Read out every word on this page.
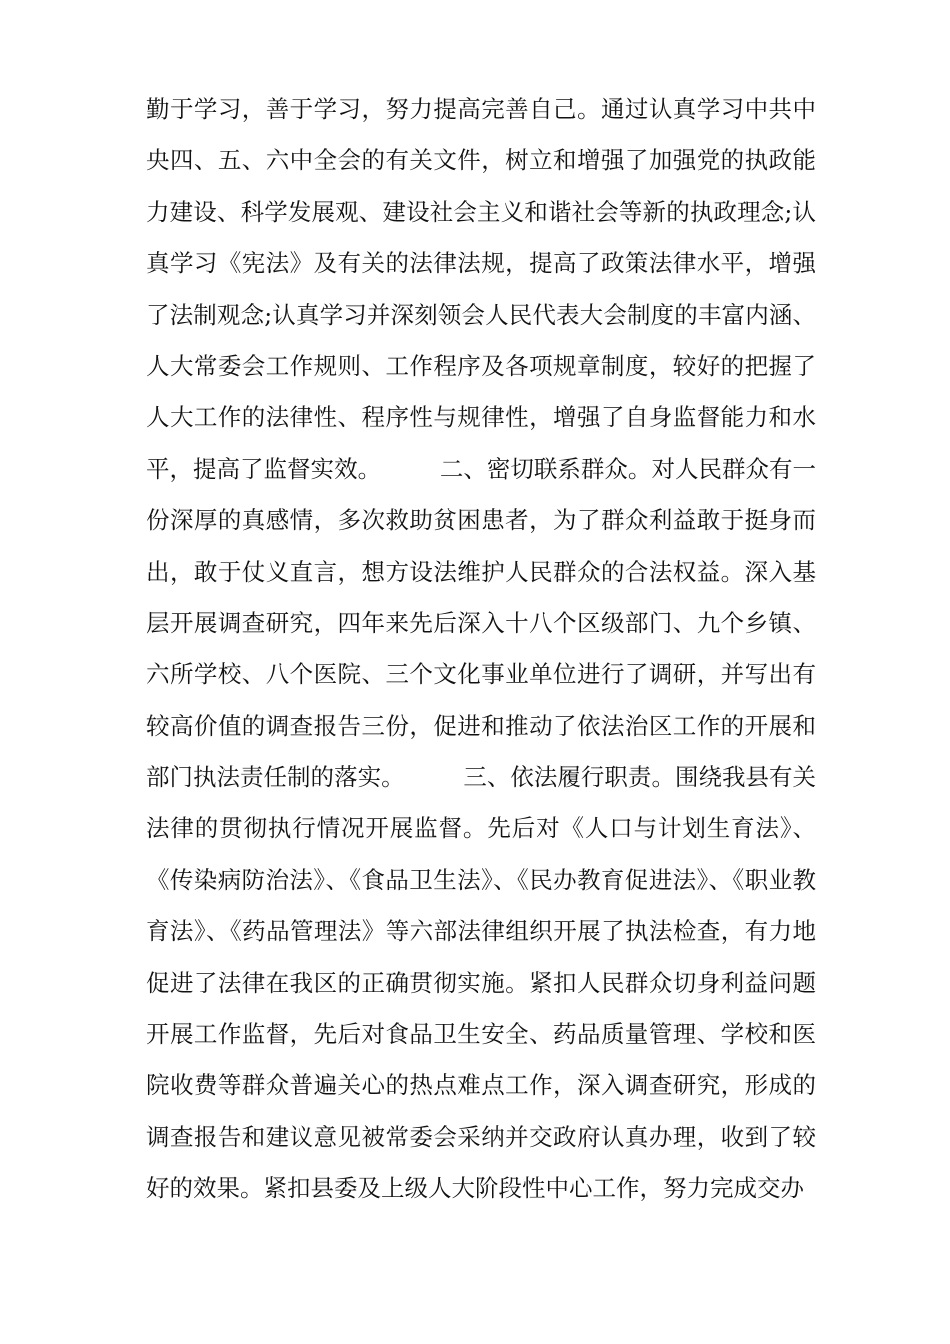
勤于学习，善于学习，努力提高完善自己。通过认真学习中共中
央四、五、六中全会的有关文件，树立和增强了加强党的执政能
力建设、科学发展观、建设社会主义和谐社会等新的执政理念;认
真学习《宪法》及有关的法律法规，提高了政策法律水平，增强
了法制观念;认真学习并深刻领会人民代表大会制度的丰富内涵、
人大常委会工作规则、工作程序及各项规章制度，较好的把握了
人大工作的法律性、程序性与规律性，增强了自身监督能力和水
平，提高了监督实效。　　　二、密切联系群众。对人民群众有一
份深厚的真感情，多次救助贫困患者，为了群众利益敢于挺身而
出，敢于仗义直言，想方设法维护人民群众的合法权益。深入基
层开展调查研究，四年来先后深入十八个区级部门、九个乡镇、
六所学校、八个医院、三个文化事业单位进行了调研，并写出有
较高价值的调查报告三份，促进和推动了依法治区工作的开展和
部门执法责任制的落实。　　　三、依法履行职责。围绕我县有关
法律的贯彻执行情况开展监督。先后对《人口与计划生育法》、
《传染病防治法》、《食品卫生法》、《民办教育促进法》、《职业教
育法》、《药品管理法》等六部法律组织开展了执法检查，有力地
促进了法律在我区的正确贯彻实施。紧扣人民群众切身利益问题
开展工作监督，先后对食品卫生安全、药品质量管理、学校和医
院收费等群众普遍关心的热点难点工作，深入调查研究，形成的
调查报告和建议意见被常委会采纳并交政府认真办理，收到了较
好的效果。紧扣县委及上级人大阶段性中心工作，努力完成交办
